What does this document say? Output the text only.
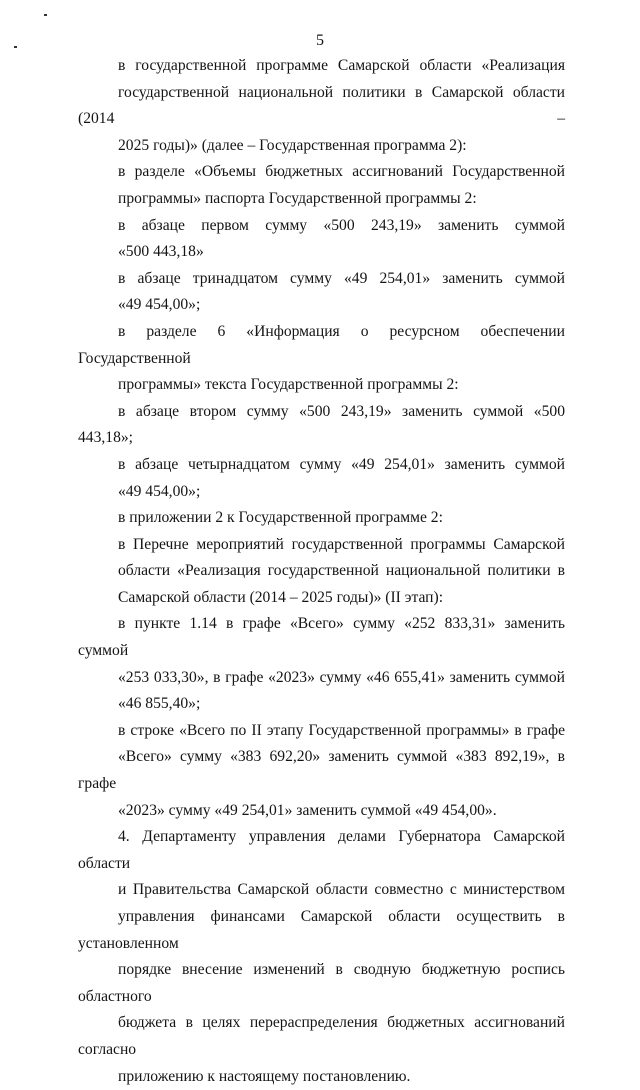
5

в государственной программе Самарской области «Реализация
государственной национальной политики в Самарской области (2014 –
2025 годы)» (далее – Государственная программа 2):

в разделе «Объемы бюджетных ассигнований Государственной
программы» паспорта Государственной программы 2:

в абзаце первом сумму «500 243,19» заменить суммой
«500 443,18»

в абзаце тринадцатом сумму «49 254,01» заменить суммой
«49 454,00»;

в разделе 6 «Информация о ресурсном обеспечении Государственной
программы» текста Государственной программы 2:

в абзаце втором сумму «500 243,19» заменить суммой «500 443,18»;

в абзаце четырнадцатом сумму «49 254,01» заменить суммой
«49 454,00»;

в приложении 2 к Государственной программе 2:

в Перечне мероприятий государственной программы Самарской
области «Реализация государственной национальной политики в
Самарской области (2014 – 2025 годы)» (II этап):

в пункте 1.14 в графе «Всего» сумму «252 833,31» заменить суммой
«253 033,30», в графе «2023» сумму «46 655,41» заменить суммой
«46 855,40»;

в строке «Всего по II этапу Государственной программы» в графе
«Всего» сумму «383 692,20» заменить суммой «383 892,19», в графе
«2023» сумму «49 254,01» заменить суммой «49 454,00».

4. Департаменту управления делами Губернатора Самарской области
и Правительства Самарской области совместно с министерством
управления финансами Самарской области осуществить в установленном
порядке внесение изменений в сводную бюджетную роспись областного
бюджета в целях перераспределения бюджетных ассигнований согласно
приложению к настоящему постановлению.
